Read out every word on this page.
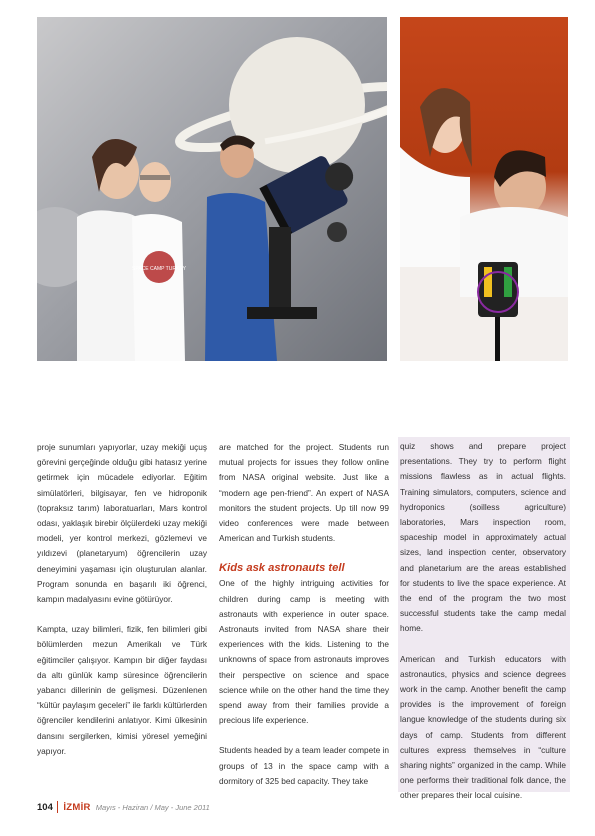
SPACE CAMP TURKEY

proje sunumları yapıyorlar, uzay mekiği uçuş görevini gerçeğinde olduğu gibi hatasız yerine getirmek için mücadele ediyorlar. Eğitim simülatörleri, bilgisayar, fen ve hidroponik (topraksız tarım) laboratuarları, Mars kontrol odası, yaklaşık birebir ölçülerdeki uzay mekiği modeli, yer kontrol merkezi, gözlemevi ve yıldızevi (planetaryum) öğrencilerin uzay deneyimini yaşaması için oluşturulan alanlar. Program sonunda en başarılı iki öğrenci, kampın madalyasını evine götürüyor.

Kampta, uzay bilimleri, fizik, fen bilimleri gibi bölümlerden mezun Amerikalı ve Türk eğitimciler çalışıyor. Kampın bir diğer faydası da altı günlük kamp süresince öğrencilerin yabancı dillerinin de gelişmesi. Düzenlenen “kültür paylaşım geceleri” ile farklı kültürlerden öğrenciler kendilerini anlatıyor. Kimi ülkesinin dansını sergilerken, kimisi yöresel yemeğini yapıyor.

are matched for the project. Students run mutual projects for issues they follow online from NASA original website. Just like a “modern age pen-friend”. An expert of NASA monitors the student projects. Up till now 99 video conferences were made between American and Turkish students.

Kids ask astronauts tell

One of the highly intriguing activities for children during camp is meeting with astronauts with experience in outer space. Astronauts invited from NASA share their experiences with the kids. Listening to the unknowns of space from astronauts improves their perspective on science and space science while on the other hand the time they spend away from their families provide a precious life experience.

Students headed by a team leader compete in groups of 13 in the space camp with a dormitory of 325 bed capacity. They take

quiz shows and prepare project presentations. They try to perform flight missions flawless as in actual flights. Training simulators, computers, science and hydroponics (soilless agriculture) laboratories, Mars inspection room, spaceship model in approximately actual sizes, land inspection center, observatory and planetarium are the areas established for students to live the space experience. At the end of the program the two most successful students take the camp medal home.

American and Turkish educators with astronautics, physics and science degrees work in the camp. Another benefit the camp provides is the improvement of foreign langue knowledge of the students during six days of camp. Students from different cultures express themselves in “culture sharing nights” organized in the camp. While one performs their traditional folk dance, the other prepares their local cuisine.

104 İZMİR Mayıs - Haziran / May - June 2011
